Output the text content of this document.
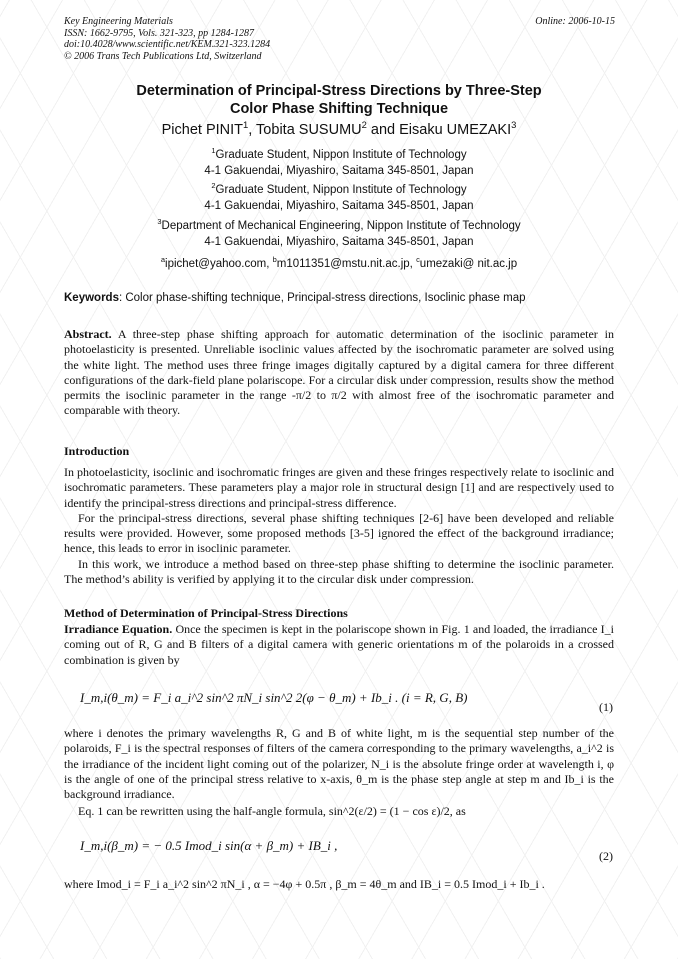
Key Engineering Materials
ISSN: 1662-9795, Vols. 321-323, pp 1284-1287
doi:10.4028/www.scientific.net/KEM.321-323.1284
© 2006 Trans Tech Publications Ltd, Switzerland
Online: 2006-10-15
Determination of Principal-Stress Directions by Three-Step
Color Phase Shifting Technique
Pichet PINIT$^1$, Tobita SUSUMU$^2$ and Eisaku UMEZAKI$^3$
$^1$Graduate Student, Nippon Institute of Technology
4-1 Gakuendai, Miyashiro, Saitama 345-8501, Japan
$^2$Graduate Student, Nippon Institute of Technology
4-1 Gakuendai, Miyashiro, Saitama 345-8501, Japan
$^3$Department of Mechanical Engineering, Nippon Institute of Technology
4-1 Gakuendai, Miyashiro, Saitama 345-8501, Japan
$^a$ipichet@yahoo.com, $^b$m1011351@mstu.nit.ac.jp, $^c$umezaki@ nit.ac.jp
Keywords: Color phase-shifting technique, Principal-stress directions, Isoclinic phase map

Abstract. A three-step phase shifting approach for automatic determination of the isoclinic parameter in photoelasticity is presented. Unreliable isoclinic values affected by the isochromatic parameter are solved using the white light. The method uses three fringe images digitally captured by a digital camera for three different configurations of the dark-field plane polariscope. For a circular disk under compression, results show the method permits the isoclinic parameter in the range -π/2 to π/2 with almost free of the isochromatic parameter and comparable with theory.

Introduction

In photoelasticity, isoclinic and isochromatic fringes are given and these fringes respectively relate to isoclinic and isochromatic parameters. These parameters play a major role in structural design [1] and are respectively used to identify the principal-stress directions and principal-stress difference.

For the principal-stress directions, several phase shifting techniques [2-6] have been developed and reliable results were provided. However, some proposed methods [3-5] ignored the effect of the background irradiance; hence, this leads to error in isoclinic parameter.

In this work, we introduce a method based on three-step phase shifting to determine the isoclinic parameter. The method’s ability is verified by applying it to the circular disk under compression.

Method of Determination of Principal-Stress Directions

Irradiance Equation. Once the specimen is kept in the polariscope shown in Fig. 1 and loaded, the irradiance I_i coming out of R, G and B filters of a digital camera with generic orientations m of the polaroids in a crossed combination is given by

I_m,i(θ_m) = F_i a_i^2 sin^2 πN_i sin^2 2(φ − θ_m) + Ib_i . (i = R, G, B)
(1)

where i denotes the primary wavelengths R, G and B of white light, m is the sequential step number of the polaroids, F_i is the spectral responses of filters of the camera corresponding to the primary wavelengths, a_i^2 is the irradiance of the incident light coming out of the polarizer, N_i is the absolute fringe order at wavelength i, φ is the angle of one of the principal stress relative to x-axis, θ_m is the phase step angle at step m and Ib_i is the background irradiance.

Eq. 1 can be rewritten using the half-angle formula, sin^2(ε/2) = (1 − cos ε)/2, as

I_m,i(β_m) = − 0.5 Imod_i sin(α + β_m) + IB_i ,
(2)

where Imod_i = F_i a_i^2 sin^2 πN_i , α = −4φ + 0.5π , β_m = 4θ_m and IB_i = 0.5 Imod_i + Ib_i .
